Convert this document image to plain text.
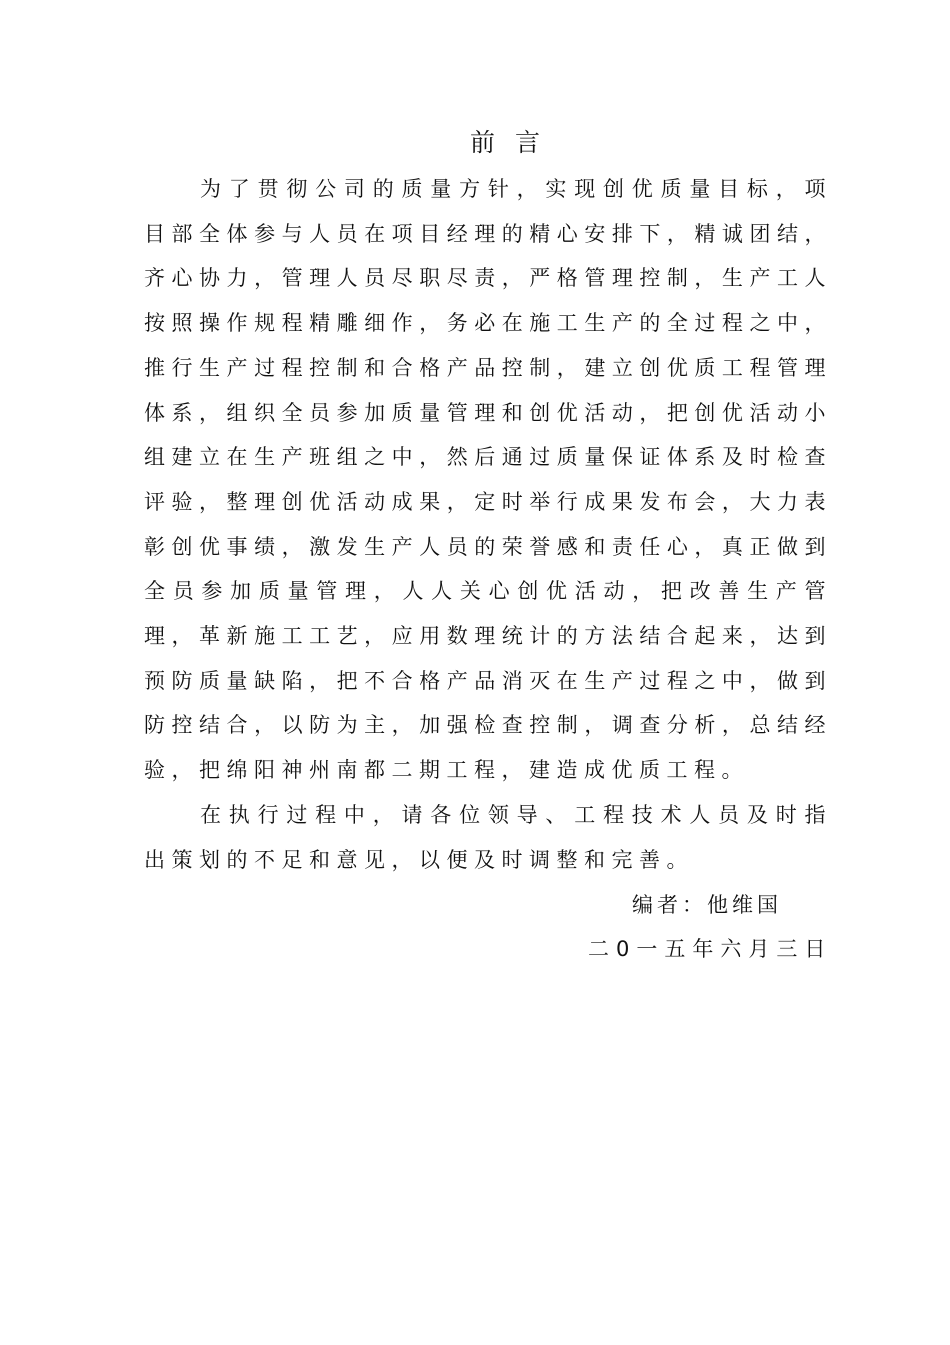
前言

为了贯彻公司的质量方针，实现创优质量目标，项目部全体参与人员在项目经理的精心安排下，精诚团结，齐心协力，管理人员尽职尽责，严格管理控制，生产工人按照操作规程精雕细作，务必在施工生产的全过程之中，推行生产过程控制和合格产品控制，建立创优质工程管理体系，组织全员参加质量管理和创优活动，把创优活动小组建立在生产班组之中，然后通过质量保证体系及时检查评验，整理创优活动成果，定时举行成果发布会，大力表彰创优事绩，激发生产人员的荣誉感和责任心，真正做到全员参加质量管理，人人关心创优活动，把改善生产管理，革新施工工艺，应用数理统计的方法结合起来，达到预防质量缺陷，把不合格产品消灭在生产过程之中，做到防控结合，以防为主，加强检查控制，调查分析，总结经验，把绵阳神州南都二期工程，建造成优质工程。

在执行过程中，请各位领导、工程技术人员及时指出策划的不足和意见，以便及时调整和完善。

编者：他维国
二0一五年六月三日
